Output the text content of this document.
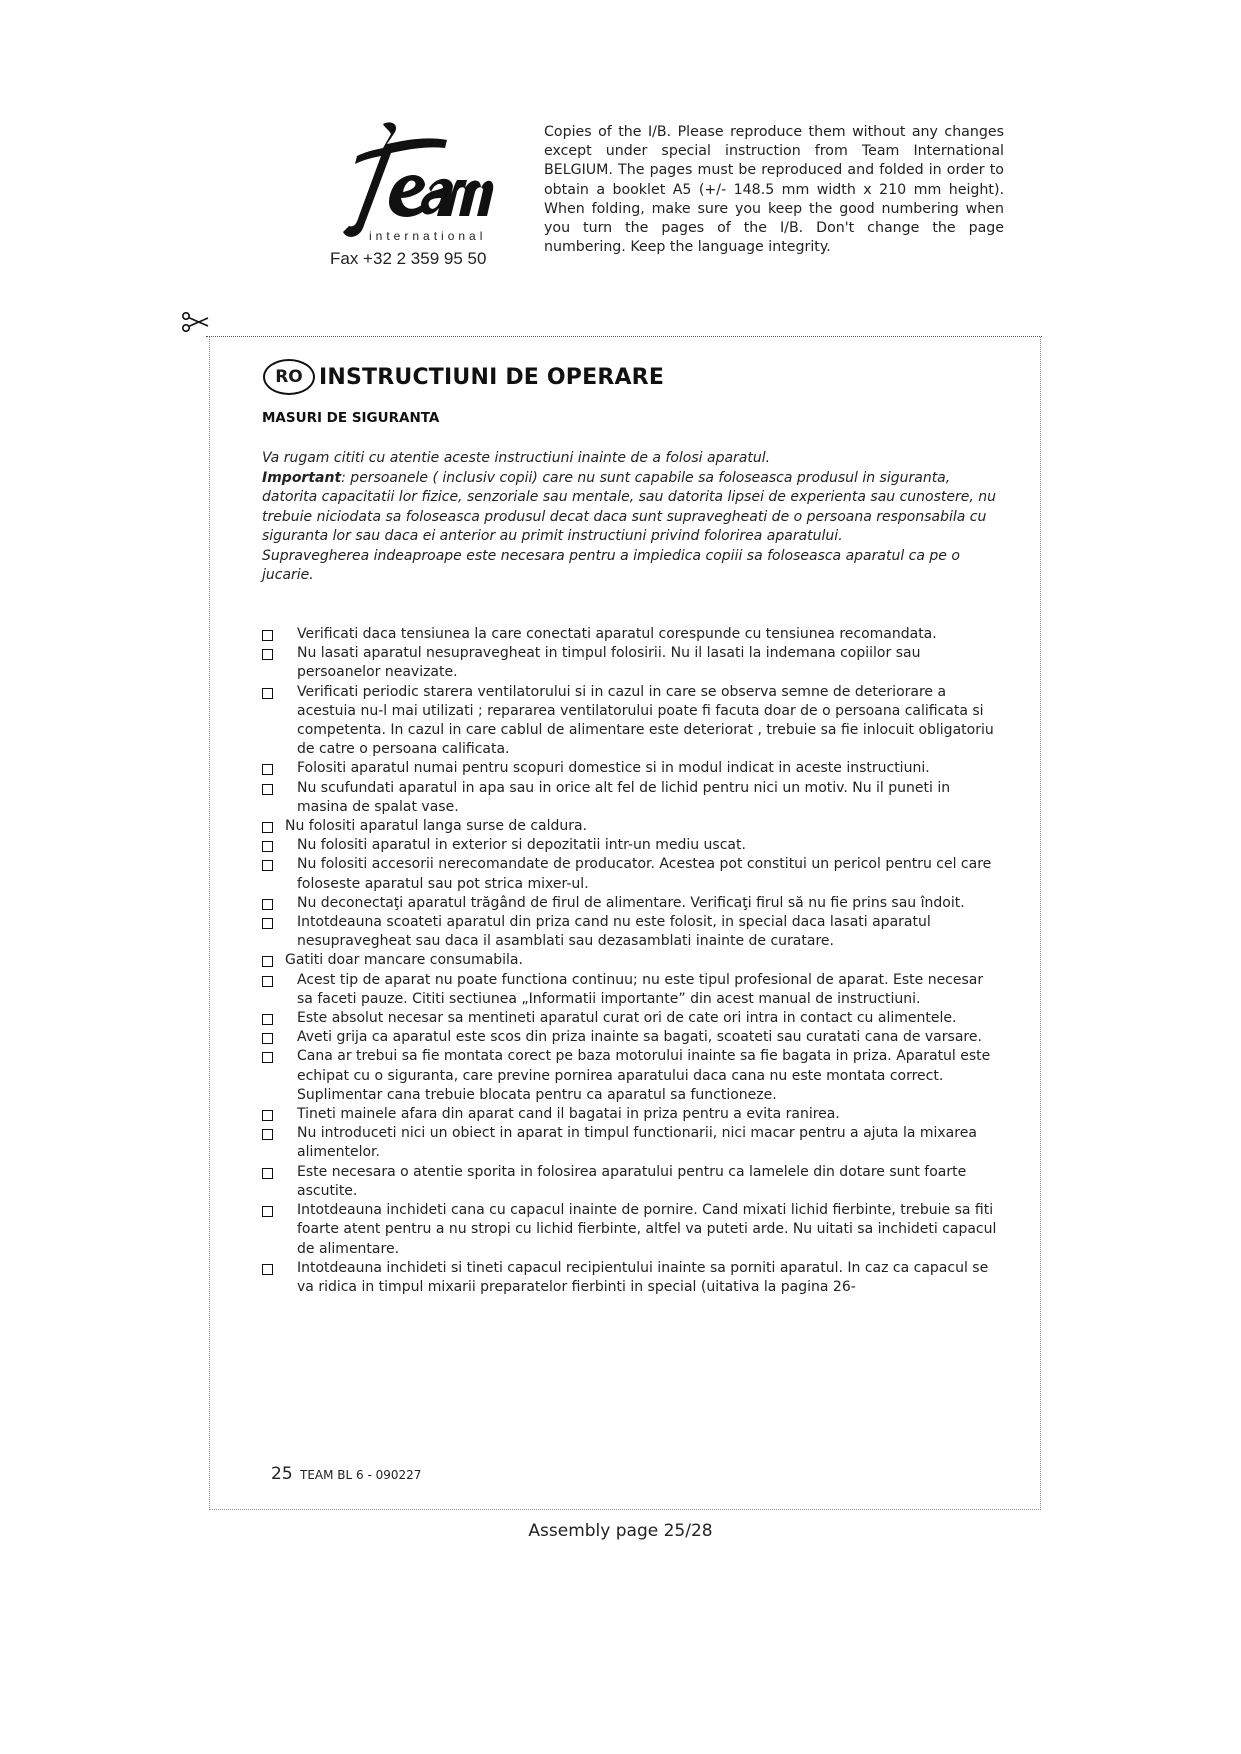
international
Fax +32 2 359 95 50
Copies of the I/B. Please reproduce them without any changes except under special instruction from Team International BELGIUM. The pages must be reproduced and folded in order to obtain a booklet A5 (+/- 148.5 mm width x 210 mm height). When folding, make sure you keep the good numbering when you turn the pages of the I/B. Don't change the page numbering. Keep the language integrity.
RO INSTRUCTIUNI DE OPERARE
MASURI DE SIGURANTA

Va rugam cititi cu atentie aceste instructiuni inainte de a folosi aparatul.

Important: persoanele ( inclusiv copii) care nu sunt capabile sa foloseasca produsul in siguranta, datorita capacitatii lor fizice, senzoriale sau mentale, sau datorita lipsei de experienta sau cunostere, nu trebuie niciodata sa foloseasca produsul decat daca sunt supravegheati de o persoana responsabila cu siguranta lor sau daca ei anterior au primit instructiuni privind folorirea aparatului.

Supravegherea indeaproape este necesara pentru a impiedica copiii sa foloseasca aparatul ca pe o jucarie.

Verificati daca tensiunea la care conectati aparatul corespunde cu tensiunea recomandata.
Nu lasati aparatul nesupravegheat in timpul folosirii. Nu il lasati la indemana copiilor sau persoanelor neavizate.
Verificati periodic starera ventilatorului si in cazul in care se observa semne de deteriorare a acestuia nu-l mai utilizati ; repararea ventilatorului poate fi facuta doar de o persoana calificata si competenta. In cazul in care cablul de alimentare este deteriorat , trebuie sa fie inlocuit obligatoriu de catre o persoana calificata.
Folositi aparatul numai pentru scopuri domestice si in modul indicat in aceste instructiuni.
Nu scufundati aparatul in apa sau in orice alt fel de lichid pentru nici un motiv. Nu il puneti in masina de spalat vase.
Nu folositi aparatul langa surse de caldura.
Nu folositi aparatul in exterior si depozitatii intr-un mediu uscat.
Nu folositi accesorii nerecomandate de producator. Acestea pot constitui un pericol pentru cel care foloseste aparatul sau pot strica mixer-ul.
Nu deconectaţi aparatul trăgând de firul de alimentare. Verificaţi firul să nu fie prins sau îndoit.
Intotdeauna scoateti aparatul din priza cand nu este folosit, in special daca lasati aparatul nesupravegheat sau daca il asamblati sau dezasamblati inainte de curatare.
Gatiti doar mancare consumabila.
Acest tip de aparat nu poate functiona continuu; nu este tipul profesional de aparat. Este necesar sa faceti pauze. Cititi sectiunea „Informatii importante” din acest manual de instructiuni.
Este absolut necesar sa mentineti aparatul curat ori de cate ori intra in contact cu alimentele.
Aveti grija ca aparatul este scos din priza inainte sa bagati, scoateti sau curatati cana de varsare.
Cana ar trebui sa fie montata corect pe baza motorului inainte sa fie bagata in priza. Aparatul este echipat cu o siguranta, care previne pornirea aparatului daca cana nu este montata correct. Suplimentar cana trebuie blocata pentru ca aparatul sa functioneze.
Tineti mainele afara din aparat cand il bagatai in priza pentru a evita ranirea.
Nu introduceti nici un obiect in aparat in timpul functionarii, nici macar pentru a ajuta la mixarea alimentelor.
Este necesara o atentie sporita in folosirea aparatului pentru ca lamelele din dotare sunt foarte ascutite.
Intotdeauna inchideti cana cu capacul inainte de pornire. Cand mixati lichid fierbinte, trebuie sa fiti foarte atent pentru a nu stropi cu lichid fierbinte, altfel va puteti arde. Nu uitati sa inchideti capacul de alimentare.
Intotdeauna inchideti si tineti capacul recipientului inainte sa porniti aparatul. In caz ca capacul se va ridica in timpul mixarii preparatelor fierbinti in special (uitativa la pagina 26-
25 TEAM BL 6 - 090227
Assembly page 25/28
